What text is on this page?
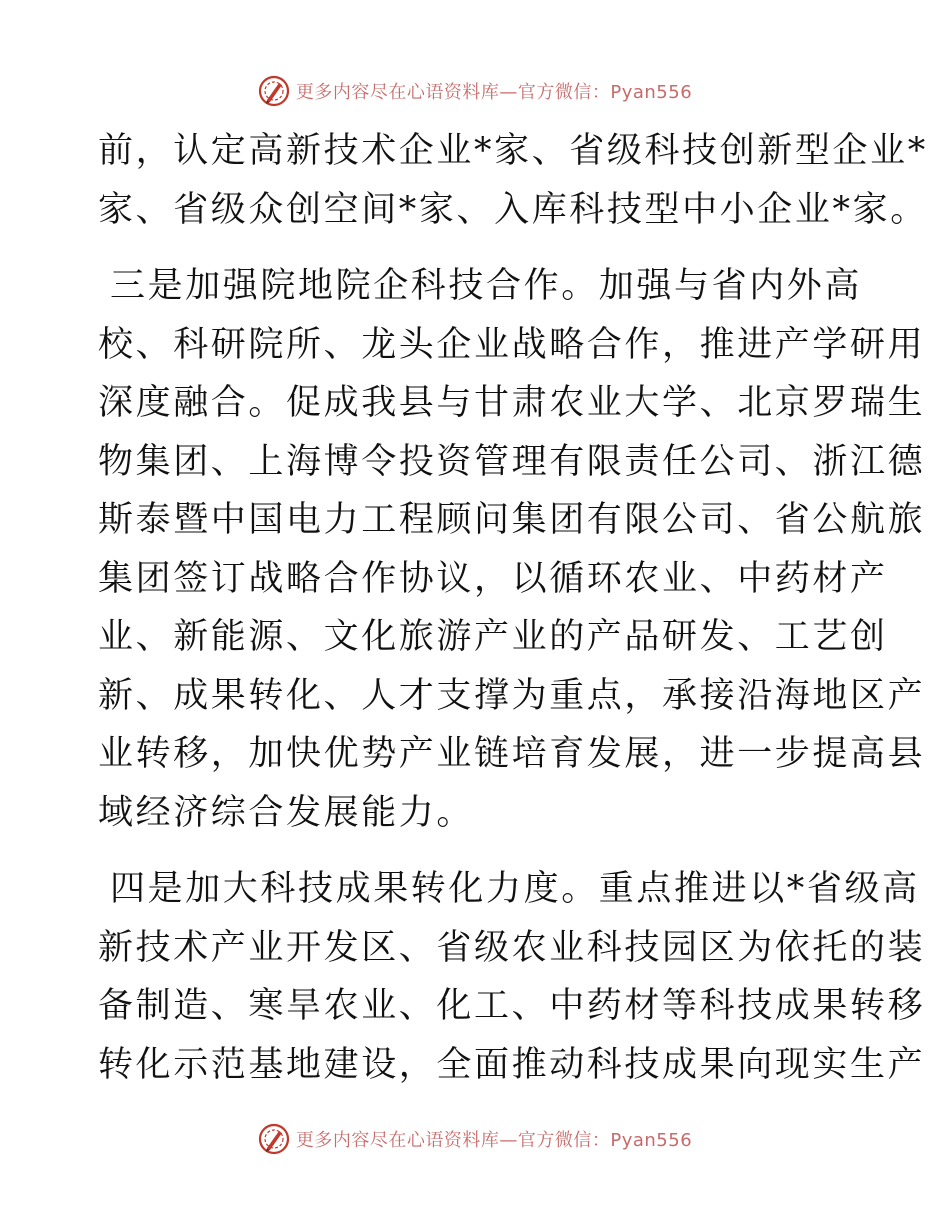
更多内容尽在心语资料库—官方微信：Pyan556
前，认定高新技术企业*家、省级科技创新型企业*
家、省级众创空间*家、入库科技型中小企业*家。
三是加强院地院企科技合作。加强与省内外高
校、科研院所、龙头企业战略合作，推进产学研用
深度融合。促成我县与甘肃农业大学、北京罗瑞生
物集团、上海博令投资管理有限责任公司、浙江德
斯泰暨中国电力工程顾问集团有限公司、省公航旅
集团签订战略合作协议，以循环农业、中药材产
业、新能源、文化旅游产业的产品研发、工艺创
新、成果转化、人才支撑为重点，承接沿海地区产
业转移，加快优势产业链培育发展，进一步提高县
域经济综合发展能力。
四是加大科技成果转化力度。重点推进以*省级高
新技术产业开发区、省级农业科技园区为依托的装
备制造、寒旱农业、化工、中药材等科技成果转移
转化示范基地建设，全面推动科技成果向现实生产
更多内容尽在心语资料库—官方微信：Pyan556
